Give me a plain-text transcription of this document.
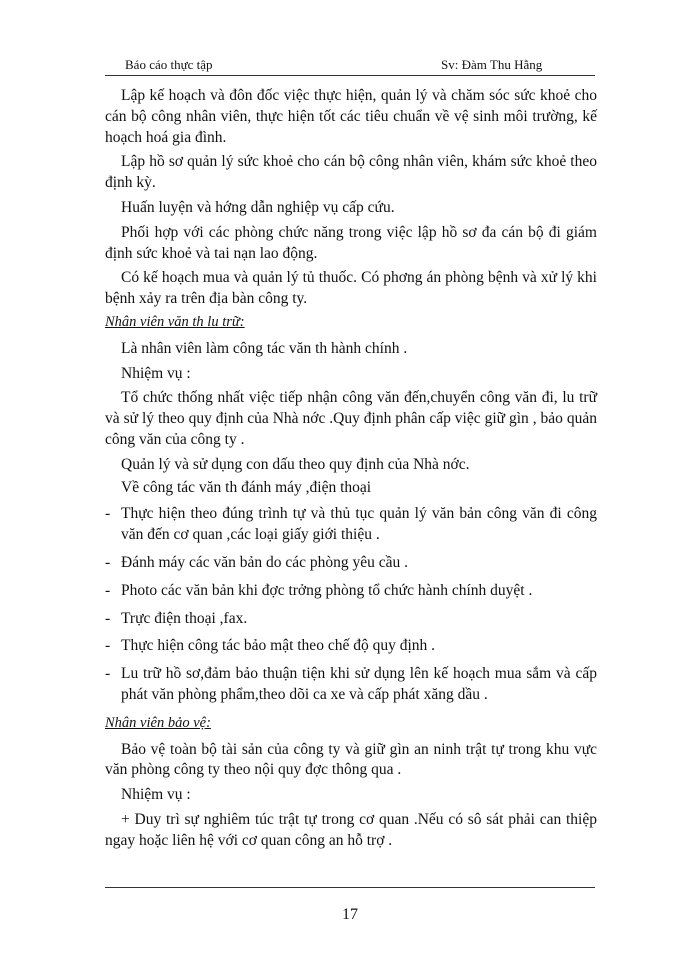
Báo cáo thực tập	Sv: Đàm Thu Hằng

Lập kế hoạch và đôn đốc việc thực hiện, quản lý và chăm sóc sức khoẻ cho cán bộ công nhân viên, thực hiện tốt các tiêu chuẩn về vệ sinh môi trường, kế hoạch hoá gia đình.

Lập hồ sơ quản lý sức khoẻ cho cán bộ công nhân viên, khám sức khoẻ theo định kỳ.

Huấn luyện và hớng dẫn nghiệp vụ cấp cứu.

Phối hợp với các phòng chức năng trong việc lập hồ sơ đa cán bộ đi giám định sức khoẻ và tai nạn lao động.

Có kế hoạch mua và quản lý tủ thuốc. Có phơng án phòng bệnh và xử lý khi bệnh xảy ra trên địa bàn công ty.

Nhân viên văn th lu trữ:

Là nhân viên làm công tác văn th hành chính .

Nhiệm vụ :

Tổ chức thống nhất việc tiếp nhận công văn đến,chuyển công văn đi, lu trữ và sử lý theo quy định của Nhà nớc .Quy định phân cấp việc giữ gìn , bảo quản công văn của công ty .

Quản lý và sử dụng con dấu theo quy định của Nhà nớc.

Về công tác văn th đánh máy ,điện thoại

- Thực hiện theo đúng trình tự và thủ tục quản lý văn bản công văn đi công văn đến cơ quan ,các loại giấy giới thiệu .
- Đánh máy các văn bản do các phòng yêu cầu .
- Photo các văn bản khi đợc trởng phòng tổ chức hành chính duyệt .
- Trực điện thoại ,fax.
- Thực hiện công tác bảo mật theo chế độ quy định .
- Lu trữ hồ sơ,đảm bảo thuận tiện khi sử dụng lên kế hoạch mua sắm và cấp phát văn phòng phẩm,theo dõi ca xe và cấp phát xăng dầu .

Nhân viên bảo vệ:

Bảo vệ toàn bộ tài sản của công ty và giữ gìn an ninh trật tự trong khu vực văn phòng công ty theo nội quy đợc thông qua .

Nhiệm vụ :

+ Duy trì sự nghiêm túc trật tự trong cơ quan .Nếu có sô sát phải can thiệp ngay hoặc liên hệ với cơ quan công an hỗ trợ .

17
